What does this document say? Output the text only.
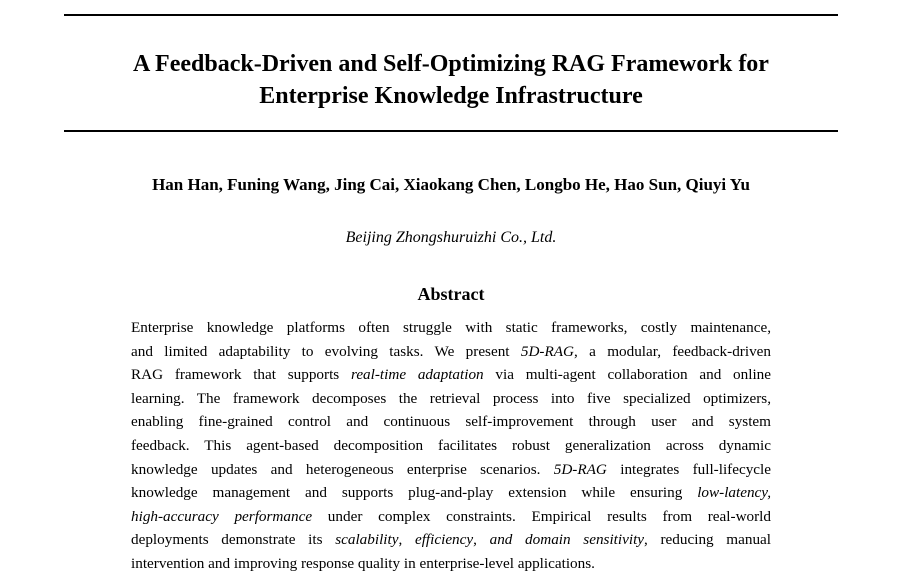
A Feedback-Driven and Self-Optimizing RAG Framework for
Enterprise Knowledge Infrastructure
Han Han, Funing Wang, Jing Cai, Xiaokang Chen, Longbo He, Hao Sun, Qiuyi Yu
Beijing Zhongshuruizhi Co., Ltd.
Abstract

Enterprise knowledge platforms often struggle with static frameworks, costly maintenance,
and limited adaptability to evolving tasks. We present 5D-RAG, a modular, feedback-driven
RAG framework that supports real-time adaptation via multi-agent collaboration and online
learning. The framework decomposes the retrieval process into five specialized optimizers,
enabling fine-grained control and continuous self-improvement through user and system
feedback. This agent-based decomposition facilitates robust generalization across dynamic
knowledge updates and heterogeneous enterprise scenarios. 5D-RAG integrates full-lifecycle
knowledge management and supports plug-and-play extension while ensuring low-latency,
high-accuracy performance under complex constraints. Empirical results from real-world
deployments demonstrate its scalability, efficiency, and domain sensitivity, reducing manual
intervention and improving response quality in enterprise-level applications.
